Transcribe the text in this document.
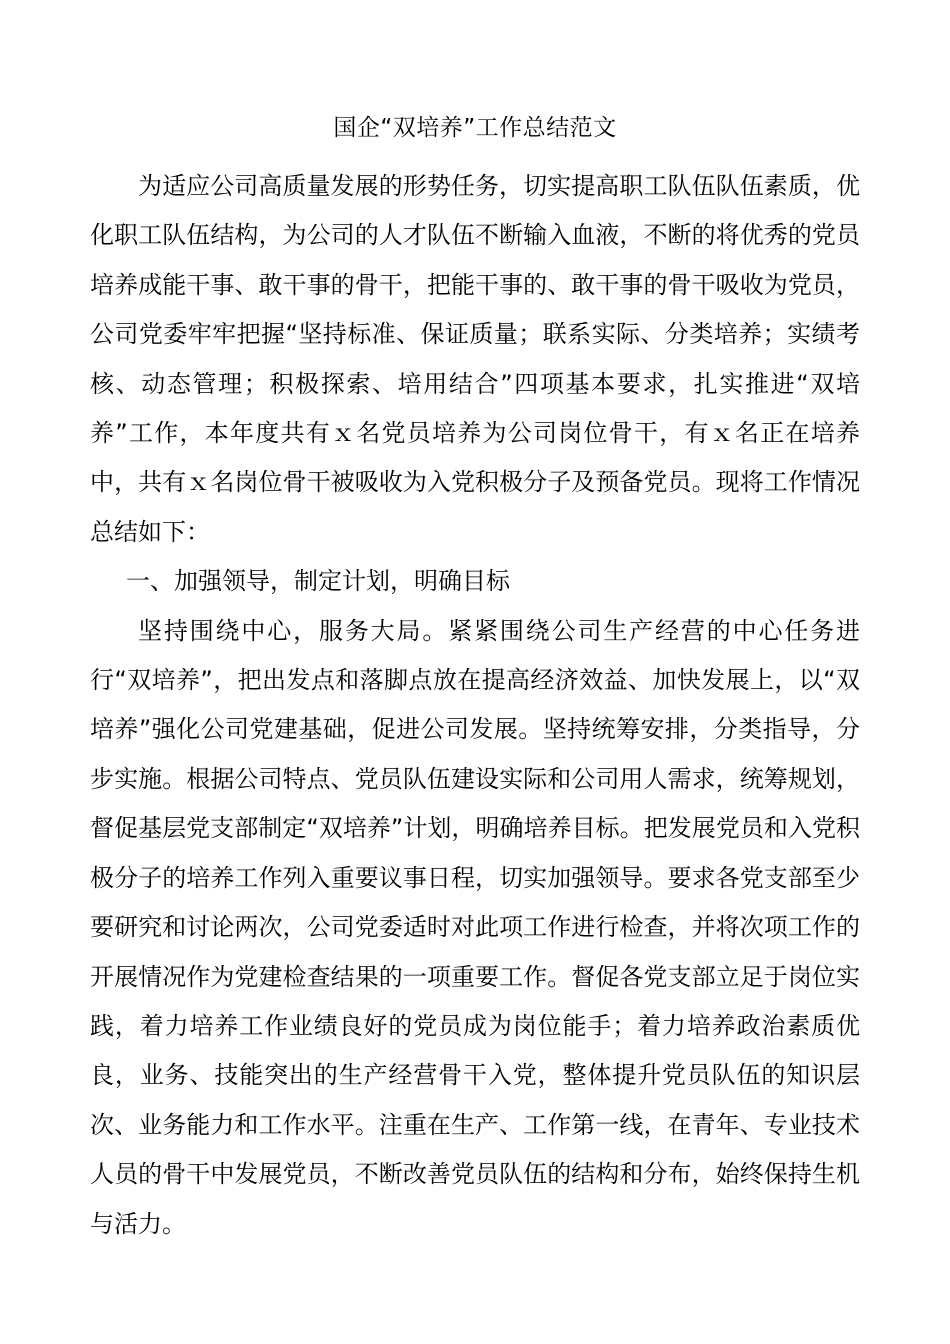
国企“双培养”工作总结范文

为适应公司高质量发展的形势任务，切实提高职工队伍队伍素质，优化职工队伍结构，为公司的人才队伍不断输入血液，不断的将优秀的党员培养成能干事、敢干事的骨干，把能干事的、敢干事的骨干吸收为党员，公司党委牢牢把握“坚持标准、保证质量；联系实际、分类培养；实绩考核、动态管理；积极探索、培用结合”四项基本要求，扎实推进“双培养”工作，本年度共有ｘ名党员培养为公司岗位骨干，有ｘ名正在培养中，共有ｘ名岗位骨干被吸收为入党积极分子及预备党员。现将工作情况总结如下：

一、加强领导，制定计划，明确目标

坚持围绕中心，服务大局。紧紧围绕公司生产经营的中心任务进行“双培养”，把出发点和落脚点放在提高经济效益、加快发展上，以“双培养”强化公司党建基础，促进公司发展。坚持统筹安排，分类指导，分步实施。根据公司特点、党员队伍建设实际和公司用人需求，统筹规划，督促基层党支部制定“双培养”计划，明确培养目标。把发展党员和入党积极分子的培养工作列入重要议事日程，切实加强领导。要求各党支部至少要研究和讨论两次，公司党委适时对此项工作进行检查，并将次项工作的开展情况作为党建检查结果的一项重要工作。督促各党支部立足于岗位实践，着力培养工作业绩良好的党员成为岗位能手；着力培养政治素质优良，业务、技能突出的生产经营骨干入党，整体提升党员队伍的知识层次、业务能力和工作水平。注重在生产、工作第一线，在青年、专业技术人员的骨干中发展党员，不断改善党员队伍的结构和分布，始终保持生机与活力。
